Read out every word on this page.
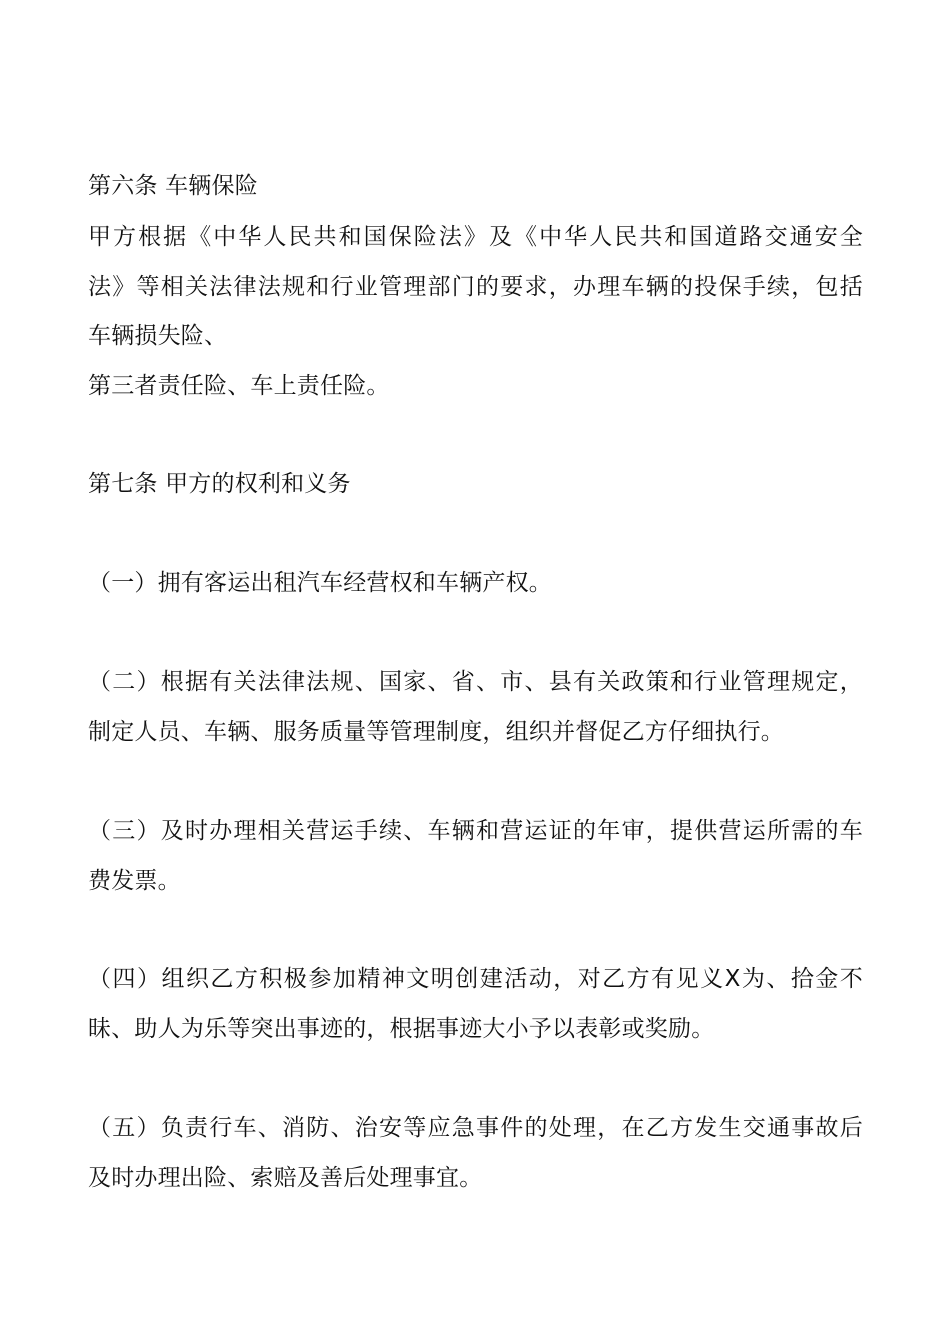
第六条 车辆保险
甲方根据《中华人民共和国保险法》及《中华人民共和国道路交通安全
法》等相关法律法规和行业管理部门的要求，办理车辆的投保手续，包括
车辆损失险、
第三者责任险、车上责任险。
第七条 甲方的权利和义务
（一）拥有客运出租汽车经营权和车辆产权。
（二）根据有关法律法规、国家、省、市、县有关政策和行业管理规定，
制定人员、车辆、服务质量等管理制度，组织并督促乙方仔细执行。
（三）及时办理相关营运手续、车辆和营运证的年审，提供营运所需的车
费发票。
（四）组织乙方积极参加精神文明创建活动，对乙方有见义X为、拾金不
昧、助人为乐等突出事迹的，根据事迹大小予以表彰或奖励。
（五）负责行车、消防、治安等应急事件的处理，在乙方发生交通事故后
及时办理出险、索赔及善后处理事宜。
